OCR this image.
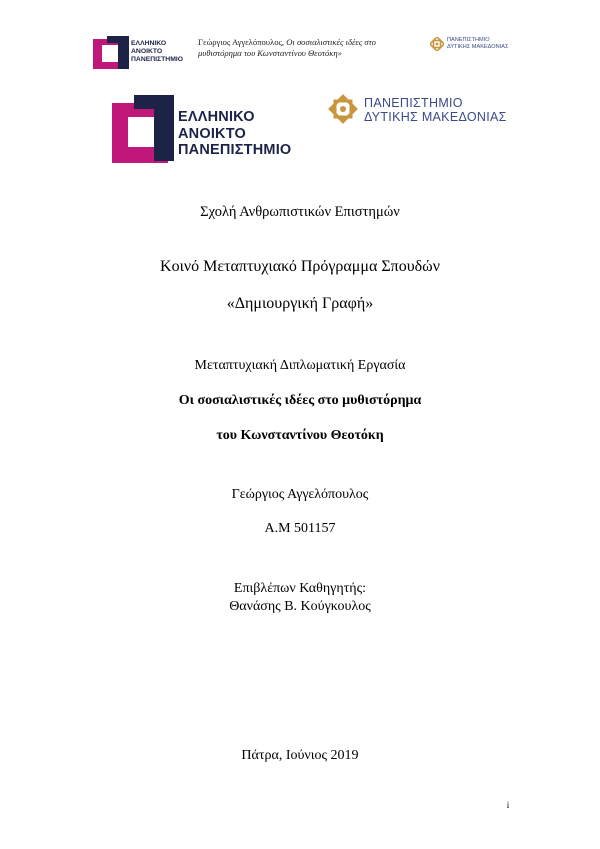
ΕΛΛΗΝΙΚΟ
ΑΝΟΙΚΤΟ
ΠΑΝΕΠΙΣΤΗΜΙΟ
Γεώργιος Αγγελόπουλος, Οι σοσιαλιστικές ιδέες στο
μυθιστόρημα του Κωνσταντίνου Θεοτόκη»
ΠΑΝΕΠΙΣΤΗΜΙΟ
ΔΥΤΙΚΗΣ ΜΑΚΕΔΟΝΙΑΣ
ΕΛΛΗΝΙΚΟ
ΑΝΟΙΚΤΟ
ΠΑΝΕΠΙΣΤΗΜΙΟ
ΠΑΝΕΠΙΣΤΗΜΙΟ
ΔΥΤΙΚΗΣ ΜΑΚΕΔΟΝΙΑΣ
Σχολή Ανθρωπιστικών Επιστημών
Κοινό Μεταπτυχιακό Πρόγραμμα Σπουδών
«Δημιουργική Γραφή»
Μεταπτυχιακή Διπλωματική Εργασία
Οι σοσιαλιστικές ιδέες στο μυθιστόρημα
του Κωνσταντίνου Θεοτόκη
Γεώργιος Αγγελόπουλος
Α.Μ 501157
Επιβλέπων Καθηγητής:
Θανάσης Β. Κούγκουλος
Πάτρα, Ιούνιος 2019
i
